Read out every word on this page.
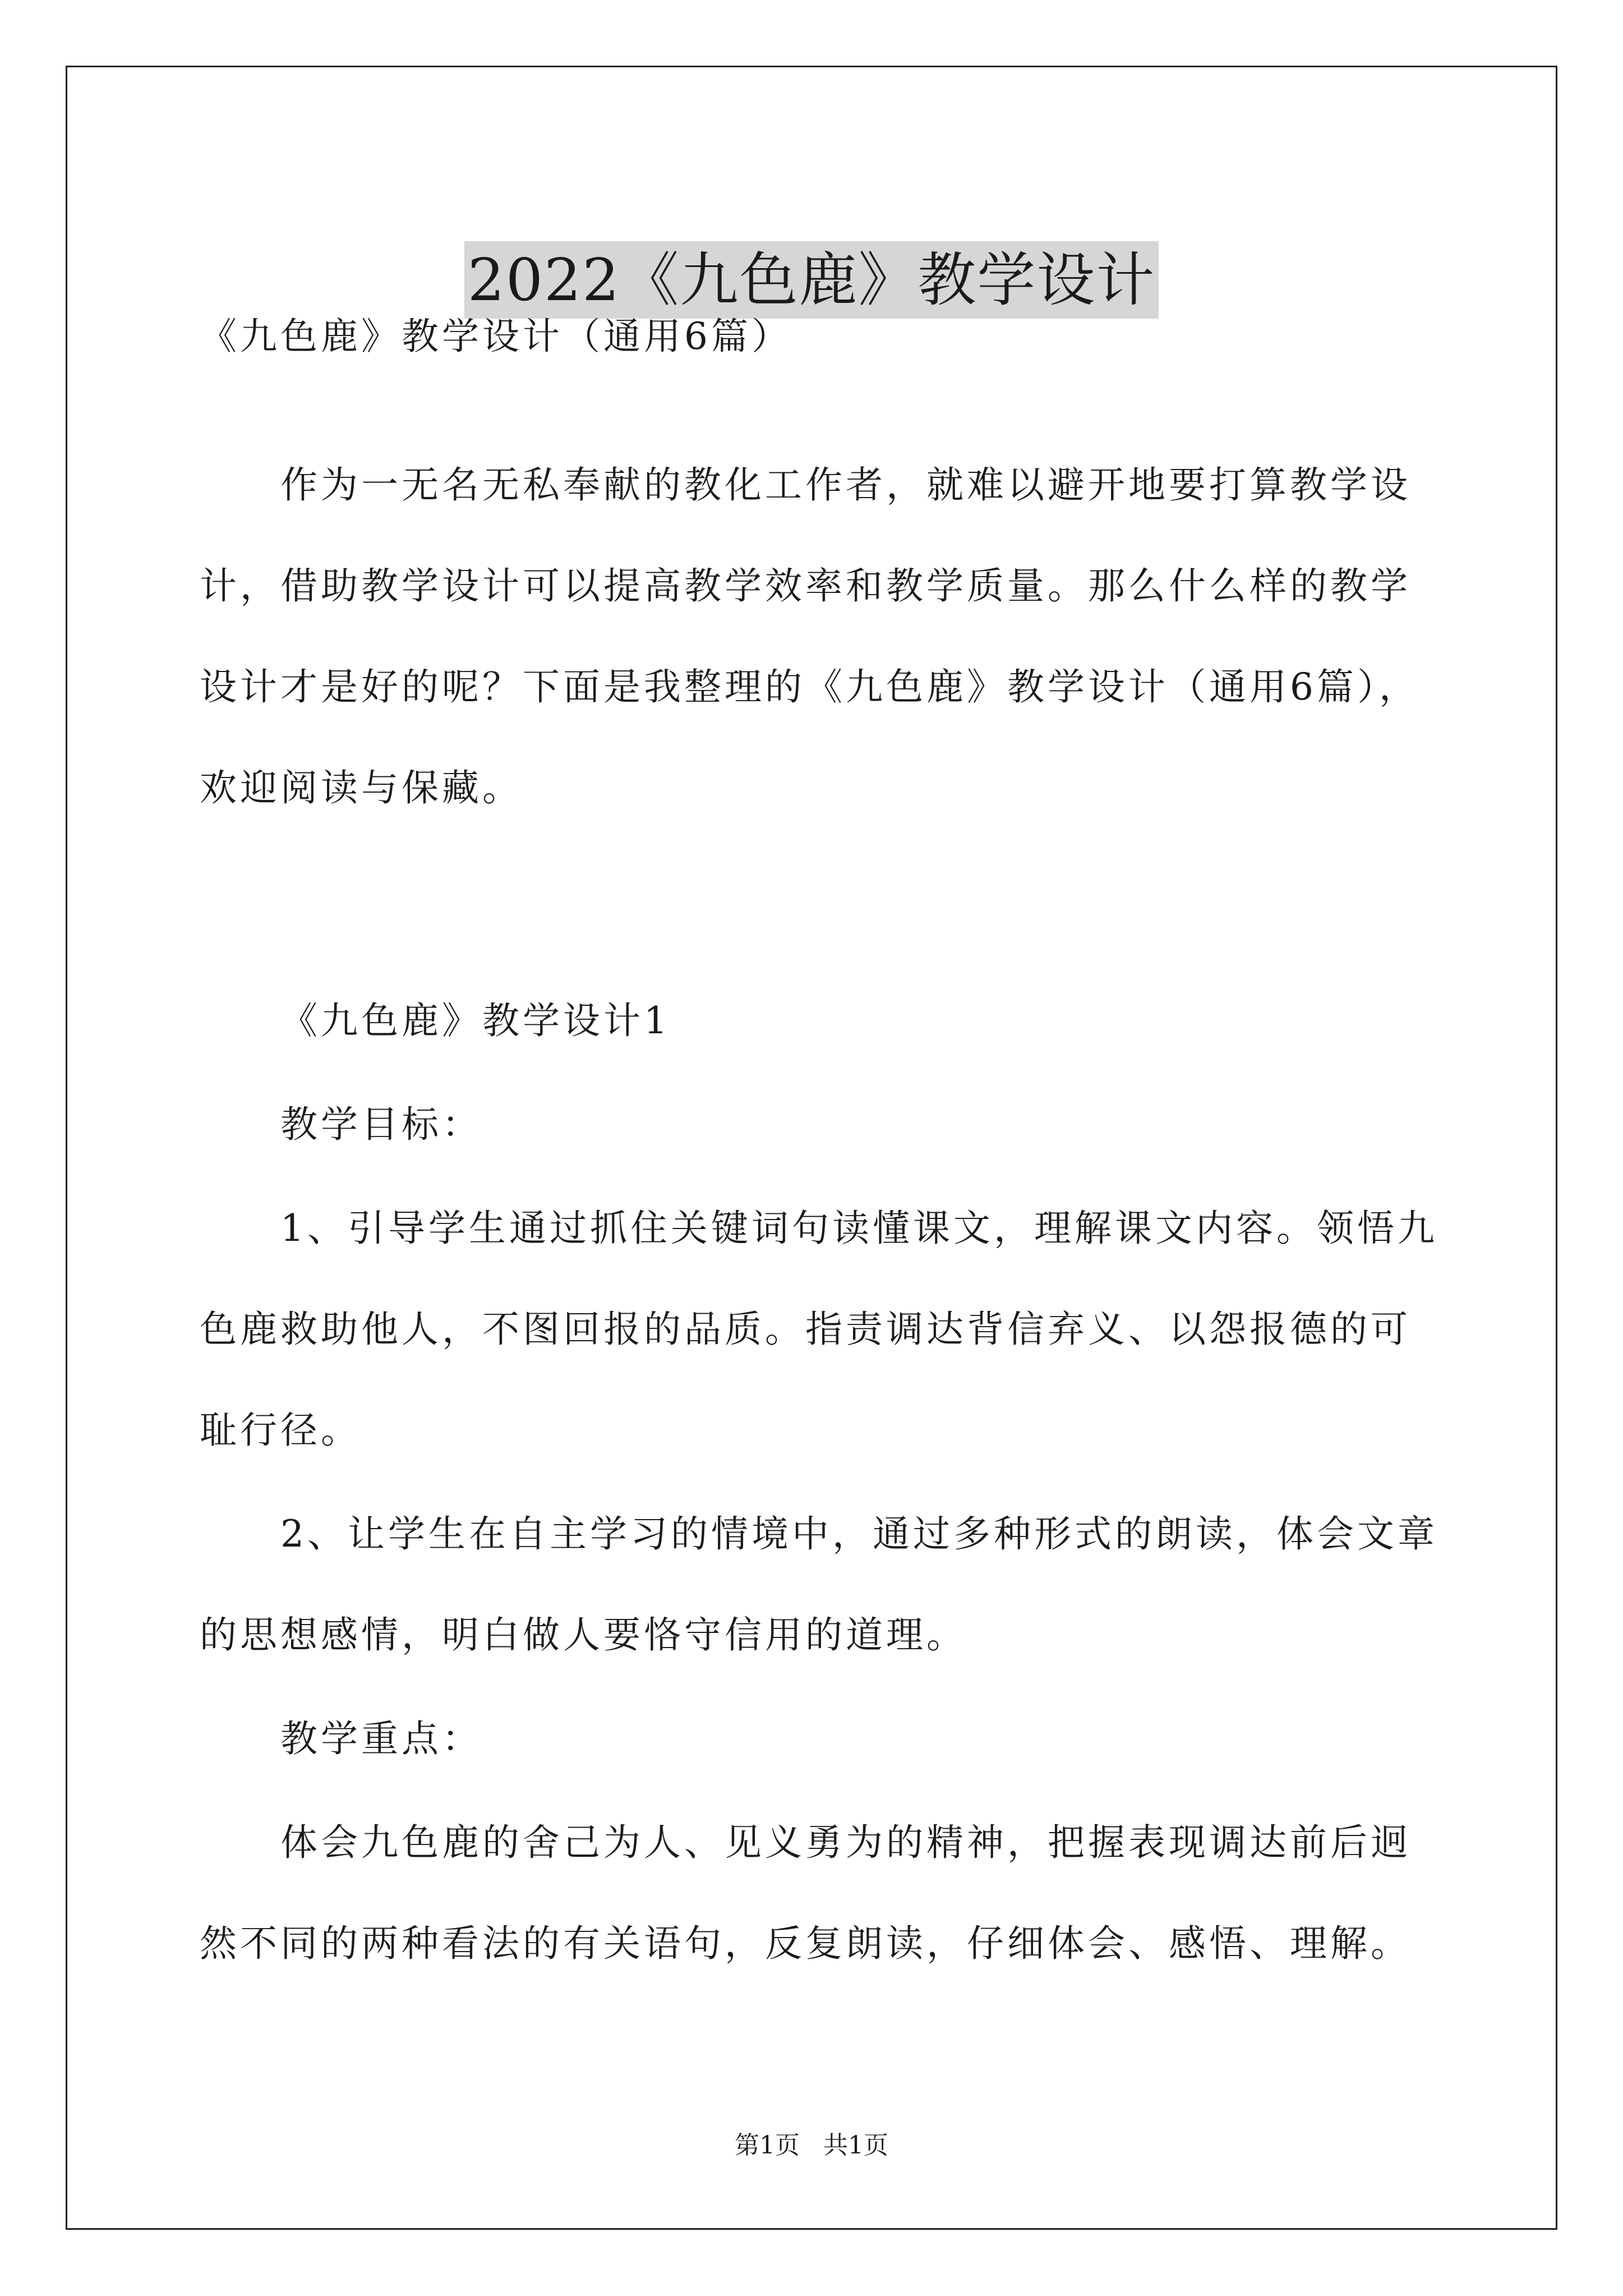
2022《九色鹿》教学设计
《九色鹿》教学设计（通用6篇）
作为一无名无私奉献的教化工作者，就难以避开地要打算教学设
计，借助教学设计可以提高教学效率和教学质量。那么什么样的教学
设计才是好的呢？下面是我整理的《九色鹿》教学设计（通用6篇），
欢迎阅读与保藏。
《九色鹿》教学设计1
教学目标：
1、引导学生通过抓住关键词句读懂课文，理解课文内容。领悟九
色鹿救助他人，不图回报的品质。指责调达背信弃义、以怨报德的可
耻行径。
2、让学生在自主学习的情境中，通过多种形式的朗读，体会文章
的思想感情，明白做人要恪守信用的道理。
教学重点：
体会九色鹿的舍己为人、见义勇为的精神，把握表现调达前后迥
然不同的两种看法的有关语句，反复朗读，仔细体会、感悟、理解。
第1页   共1页
